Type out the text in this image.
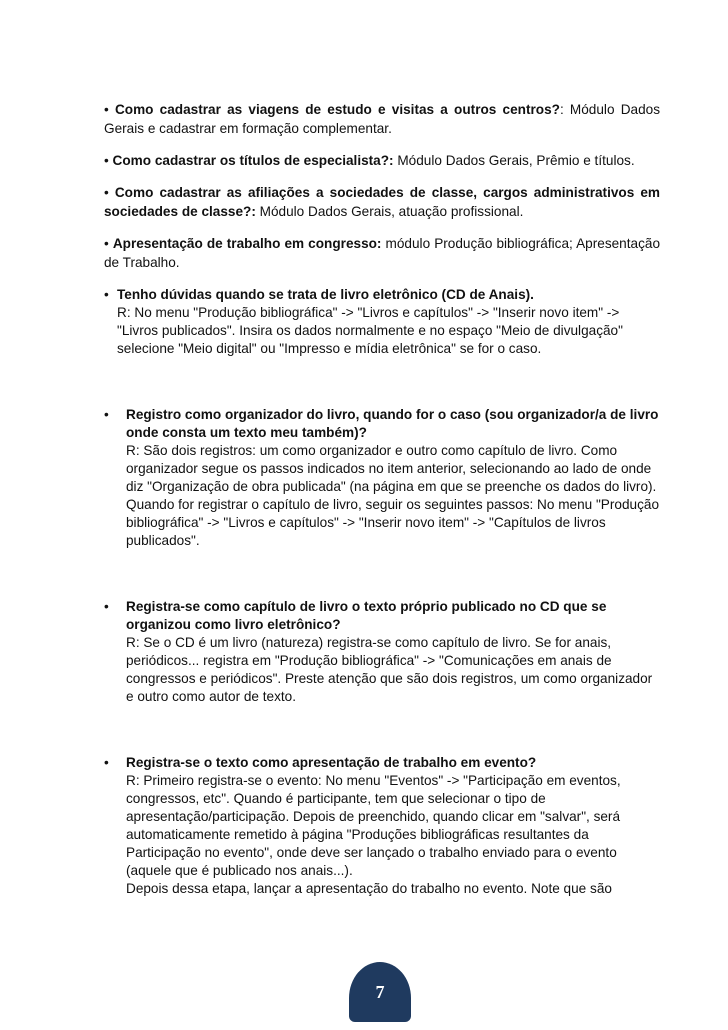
• Como cadastrar as viagens de estudo e visitas a outros centros?: Módulo Dados Gerais e cadastrar em formação complementar.

• Como cadastrar os títulos de especialista?: Módulo Dados Gerais, Prêmio e títulos.

• Como cadastrar as afiliações a sociedades de classe, cargos administrativos em sociedades de classe?: Módulo Dados Gerais, atuação profissional.

• Apresentação de trabalho em congresso: módulo Produção bibliográfica; Apresentação de Trabalho.

• Tenho dúvidas quando se trata de livro eletrônico (CD de Anais).

R: No menu "Produção bibliográfica" -> "Livros e capítulos" -> "Inserir novo item" -> "Livros publicados". Insira os dados normalmente e no espaço "Meio de divulgação" selecione "Meio digital" ou "Impresso e mídia eletrônica" se for o caso.

• Registro como organizador do livro, quando for o caso (sou organizador/a de livro onde consta um texto meu também)?

R: São dois registros: um como organizador e outro como capítulo de livro. Como organizador segue os passos indicados no item anterior, selecionando ao lado de onde diz "Organização de obra publicada" (na página em que se preenche os dados do livro).

Quando for registrar o capítulo de livro, seguir os seguintes passos: No menu "Produção bibliográfica" -> "Livros e capítulos" -> "Inserir novo item" -> "Capítulos de livros publicados".

• Registra-se como capítulo de livro o texto próprio publicado no CD que se organizou como livro eletrônico?

R: Se o CD é um livro (natureza) registra-se como capítulo de livro. Se for anais, periódicos... registra em "Produção bibliográfica" -> "Comunicações em anais de congressos e periódicos". Preste atenção que são dois registros, um como organizador e outro como autor de texto.

• Registra-se o texto como apresentação de trabalho em evento?

R: Primeiro registra-se o evento: No menu "Eventos" -> "Participação em eventos, congressos, etc". Quando é participante, tem que selecionar o tipo de apresentação/participação. Depois de preenchido, quando clicar em "salvar", será automaticamente remetido à página "Produções bibliográficas resultantes da Participação no evento", onde deve ser lançado o trabalho enviado para o evento (aquele que é publicado nos anais...).

Depois dessa etapa, lançar a apresentação do trabalho no evento. Note que são

7
